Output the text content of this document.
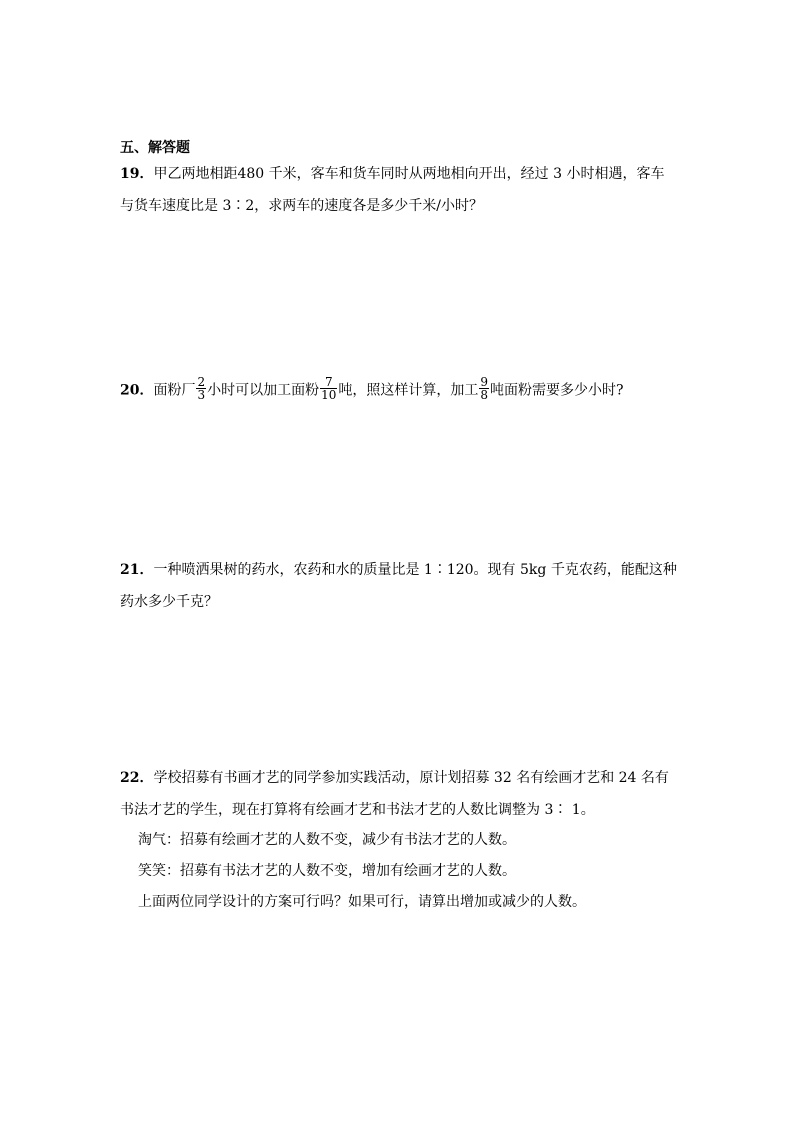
五、解答题
19．甲乙两地相距480 千米，客车和货车同时从两地相向开出，经过 3 小时相遇，客车
与货车速度比是 3∶2，求两车的速度各是多少千米/小时？
20．面粉厂 $\frac{2}{3}$ 小时可以加工面粉 $\frac{7}{10}$ 吨，照这样计算，加工 $\frac{9}{8}$ 吨面粉需要多少小时?
21．一种喷洒果树的药水，农药和水的质量比是 1∶120。现有 5kg 千克农药，能配这种
药水多少千克？
22．学校招募有书画才艺的同学参加实践活动，原计划招募 32 名有绘画才艺和 24 名有
书法才艺的学生，现在打算将有绘画才艺和书法才艺的人数比调整为 3∶ 1。
淘气：招募有绘画才艺的人数不变，减少有书法才艺的人数。
笑笑：招募有书法才艺的人数不变，增加有绘画才艺的人数。
上面两位同学设计的方案可行吗？如果可行，请算出增加或减少的人数。
